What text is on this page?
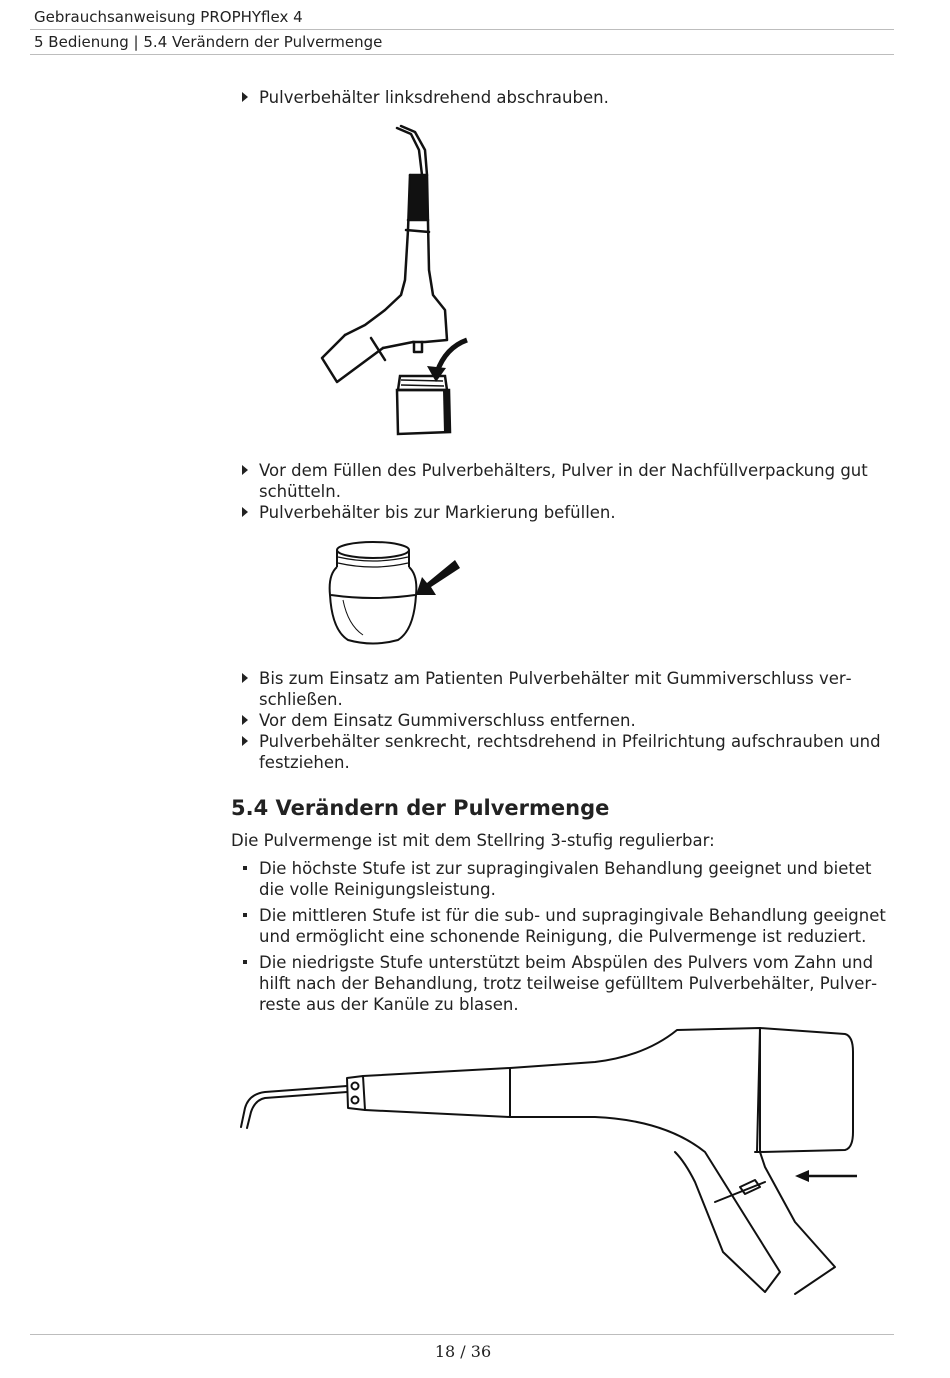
Gebrauchsanweisung PROPHYflex 4
5 Bedienung | 5.4 Verändern der Pulvermenge
Pulverbehälter linksdrehend abschrauben.
Vor dem Füllen des Pulverbehälters, Pulver in der Nachfüllverpackung gut schütteln.
Pulverbehälter bis zur Markierung befüllen.
Bis zum Einsatz am Patienten Pulverbehälter mit Gummiverschluss verschließen.
Vor dem Einsatz Gummiverschluss entfernen.
Pulverbehälter senkrecht, rechtsdrehend in Pfeilrichtung aufschrauben und festziehen.
5.4 Verändern der Pulvermenge
Die Pulvermenge ist mit dem Stellring 3-stufig regulierbar:
Die höchste Stufe ist zur supragingivalen Behandlung geeignet und bietet die volle Reinigungsleistung.
Die mittleren Stufe ist für die sub- und supragingivale Behandlung geeignet und ermöglicht eine schonende Reinigung, die Pulvermenge ist reduziert.
Die niedrigste Stufe unterstützt beim Abspülen des Pulvers vom Zahn und hilft nach der Behandlung, trotz teilweise gefülltem Pulverbehälter, Pulverreste aus der Kanüle zu blasen.
18 / 36
